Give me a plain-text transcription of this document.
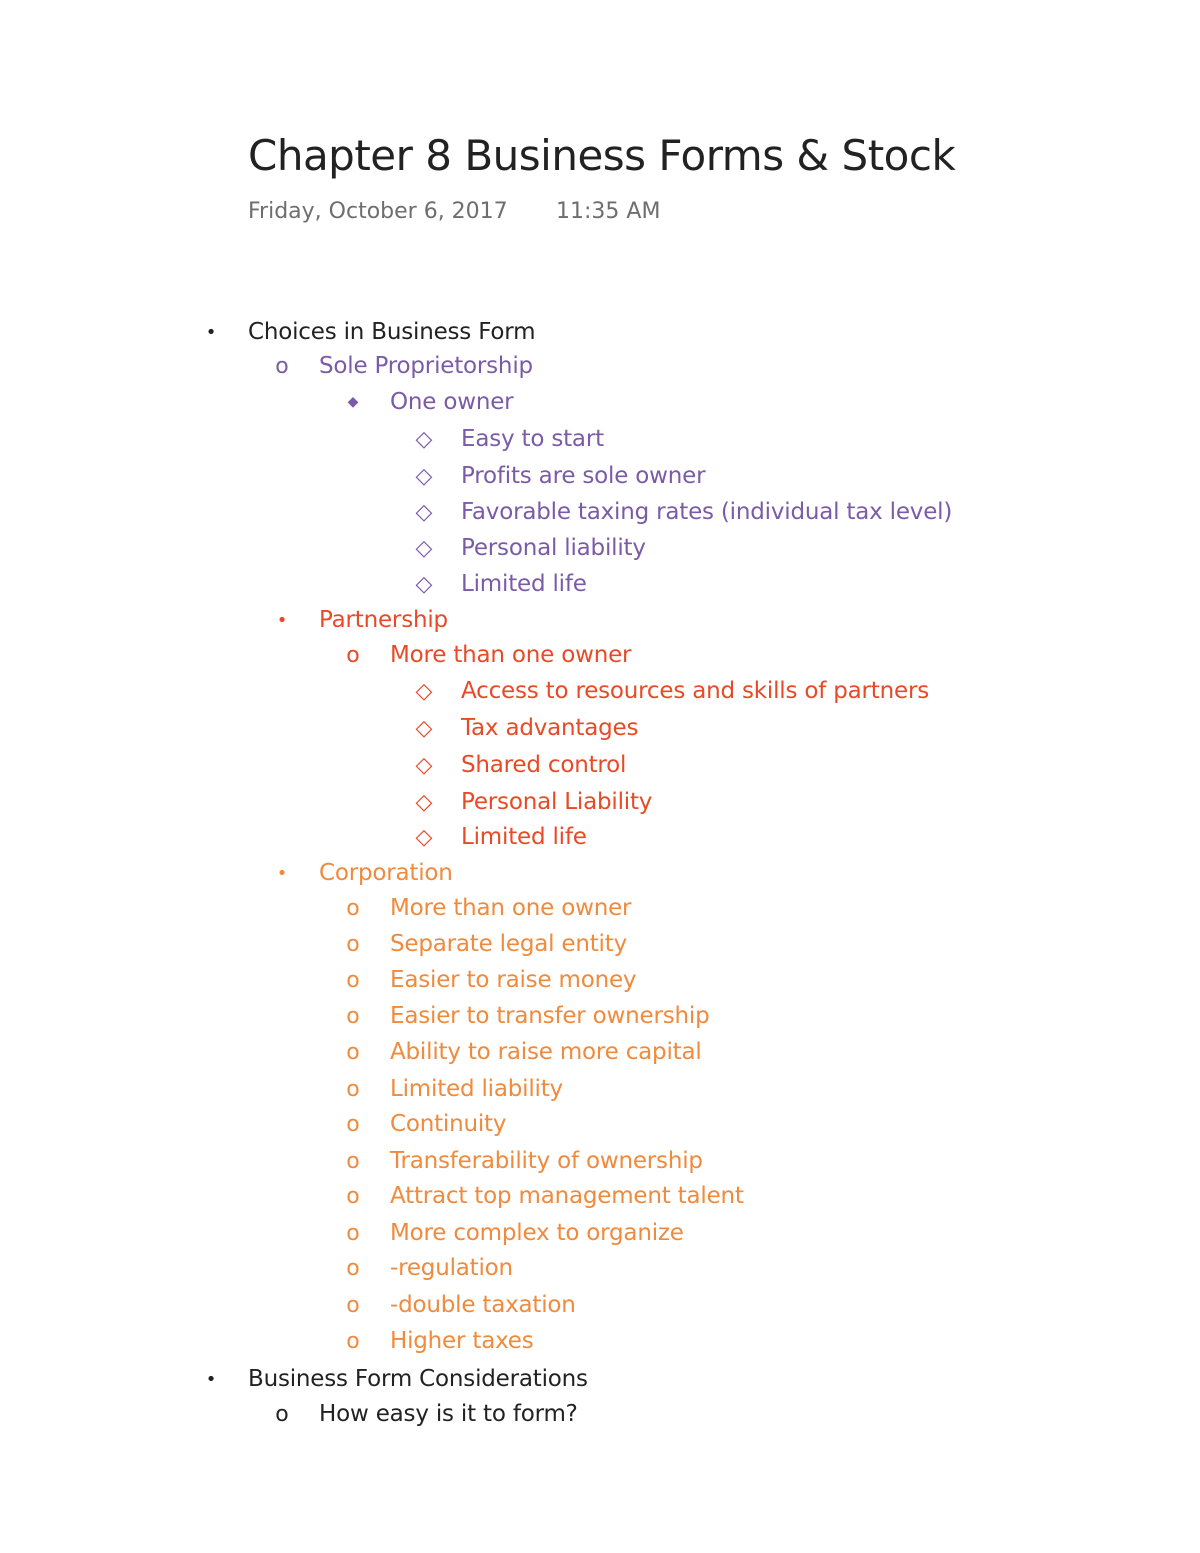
Chapter 8 Business Forms & Stock
Friday, October 6, 2017 11:35 AM
•	Choices in Business Form
o	Sole Proprietorship
◆	One owner
◇ Easy to start
◇ Profits are sole owner
◇ Favorable taxing rates (individual tax level)
◇ Personal liability
◇ Limited life
•	Partnership
o	More than one owner
◇ Access to resources and skills of partners
◇ Tax advantages
◇ Shared control
◇ Personal Liability
◇ Limited life
•	Corporation
o	More than one owner
o	Separate legal entity
o	Easier to raise money
o	Easier to transfer ownership
o	Ability to raise more capital
o	Limited liability
o	Continuity
o	Transferability of ownership
o	Attract top management talent
o	More complex to organize
o	-regulation
o	-double taxation
o	Higher taxes
•	Business Form Considerations
o	How easy is it to form?
